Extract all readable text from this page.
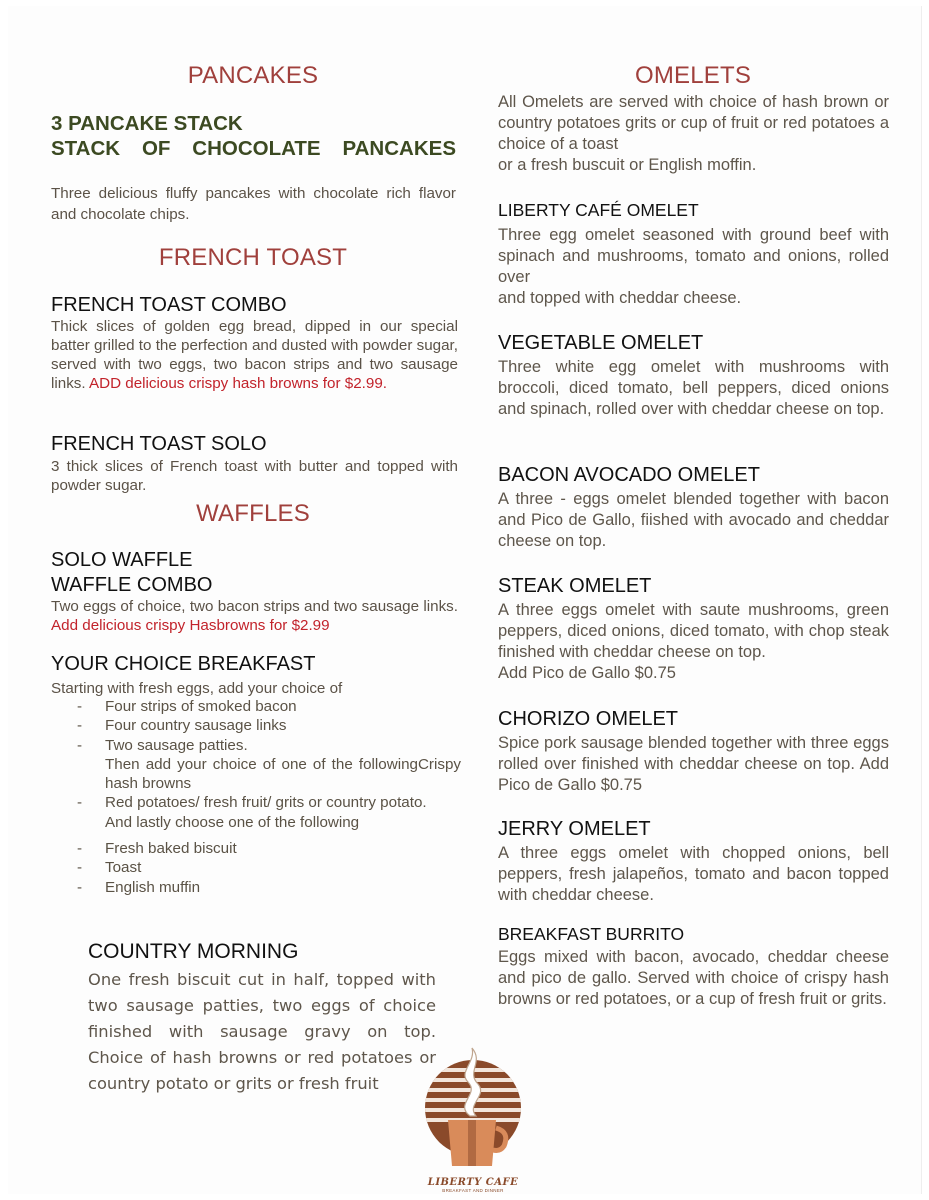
PANCAKES
3 PANCAKE STACK
STACK OF CHOCOLATE PANCAKES
Three delicious fluffy pancakes with chocolate rich flavor and chocolate chips.
FRENCH TOAST
FRENCH TOAST COMBO
Thick slices of golden egg bread, dipped in our special batter grilled to the perfection and dusted with powder sugar, served with two eggs, two bacon strips and two sausage links. ADD delicious crispy hash browns for $2.99.
FRENCH TOAST SOLO
3 thick slices of French toast with butter and topped with powder sugar.
WAFFLES
SOLO WAFFLE
WAFFLE COMBO
Two eggs of choice, two bacon strips and two sausage links. Add delicious crispy Hasbrowns for $2.99
YOUR CHOICE BREAKFAST
Starting with fresh eggs, add your choice of
- Four strips of smoked bacon
- Four country sausage links
- Two sausage patties.
Then add your choice of one of the followingCrispy hash browns
- Red potatoes/ fresh fruit/ grits or country potato.
And lastly choose one of the following
- Fresh baked biscuit
- Toast
- English muffin
COUNTRY MORNING
One fresh biscuit cut in half, topped with two sausage patties, two eggs of choice finished with sausage gravy on top. Choice of hash browns or red potatoes or country potato or grits or fresh fruit
OMELETS
All Omelets are served with choice of hash brown or country potatoes grits or cup of fruit or red potatoes a choice of a toast
or a fresh buscuit or English moffin.
LIBERTY CAFÉ OMELET
Three egg omelet seasoned with ground beef with spinach and mushrooms, tomato and onions, rolled over
and topped with cheddar cheese.
VEGETABLE OMELET
Three white egg omelet with mushrooms with broccoli, diced tomato, bell peppers, diced onions and spinach, rolled over with cheddar cheese on top.
BACON AVOCADO OMELET
A three - eggs omelet blended together with bacon and Pico de Gallo, fiished with avocado and cheddar cheese on top.
STEAK OMELET
A three eggs omelet with saute mushrooms, green peppers, diced onions, diced tomato, with chop steak finished with cheddar cheese on top.
Add Pico de Gallo $0.75
CHORIZO OMELET
Spice pork sausage blended together with three eggs rolled over finished with cheddar cheese on top. Add Pico de Gallo $0.75
JERRY OMELET
A three eggs omelet with chopped onions, bell peppers, fresh jalapeños, tomato and bacon topped with cheddar cheese.
BREAKFAST BURRITO
Eggs mixed with bacon, avocado, cheddar cheese and pico de gallo. Served with choice of crispy hash browns or red potatoes, or a cup of fresh fruit or grits.
LIBERTY CAFE
BREAKFAST AND DINNER
